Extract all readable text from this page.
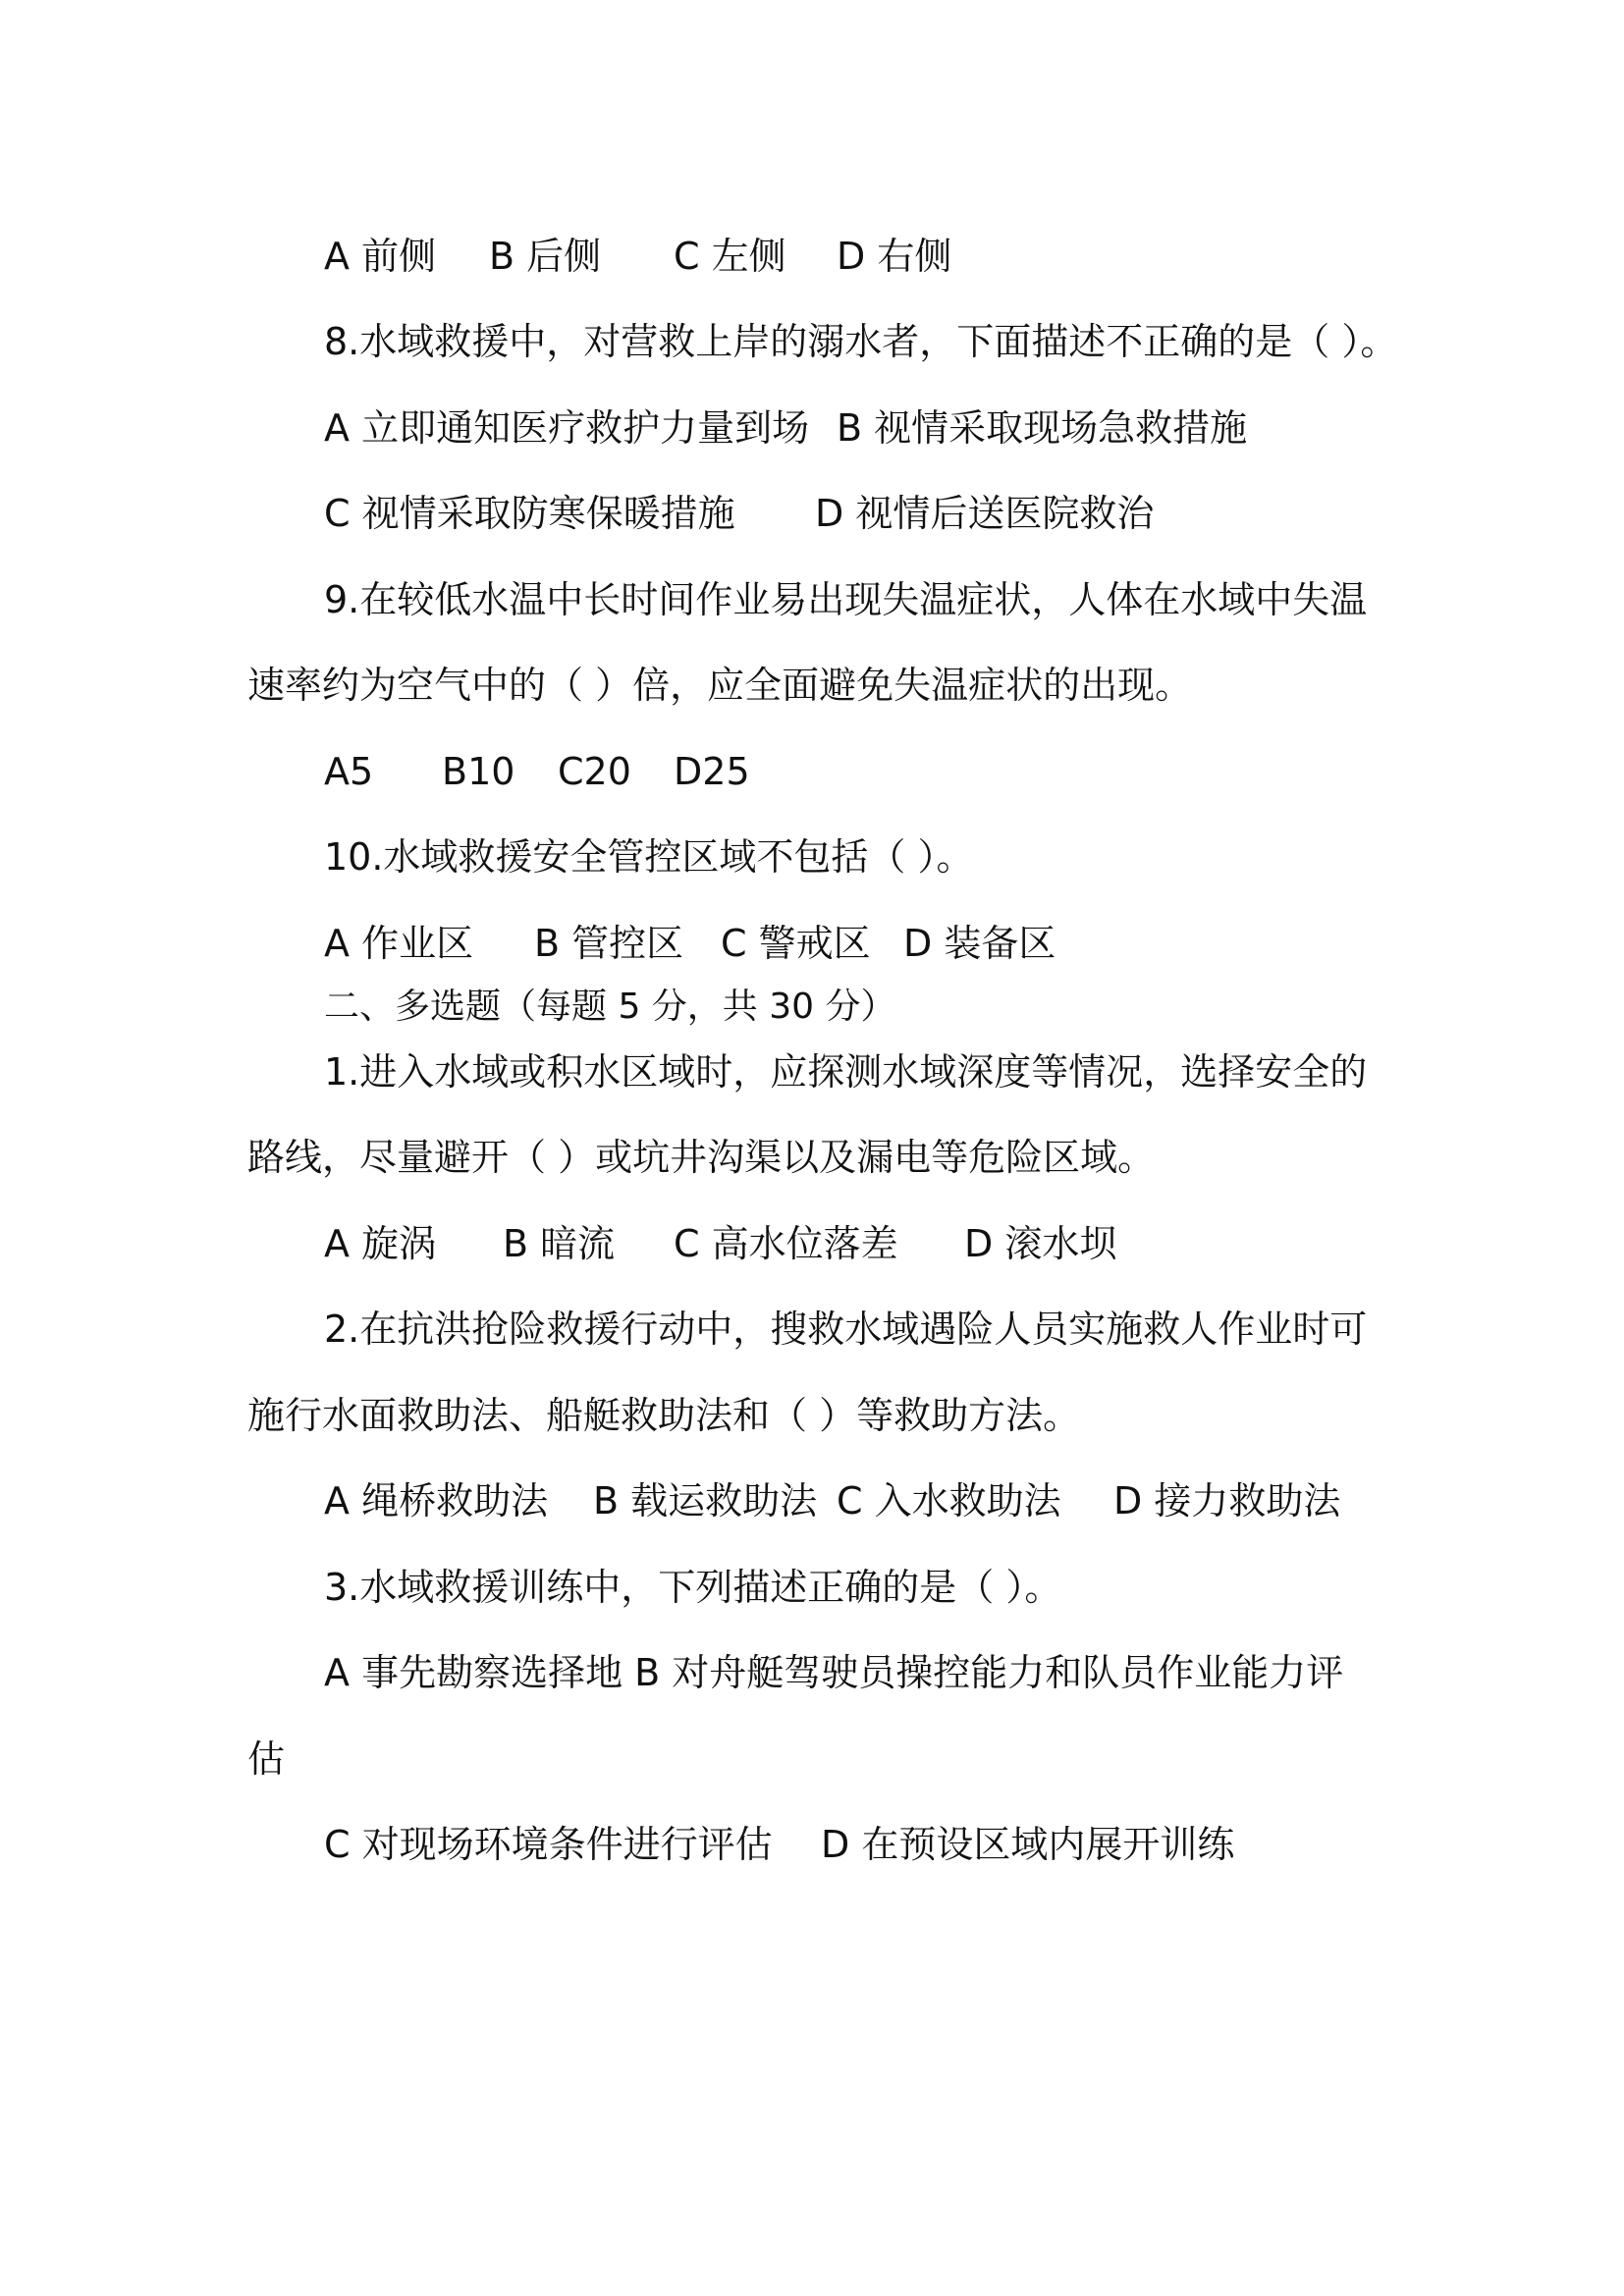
A 前侧 B 后侧 C 左侧 D 右侧
8.水域救援中，对营救上岸的溺水者，下面描述不正确的是（ ）。
A 立即通知医疗救护力量到场 B 视情采取现场急救措施
C 视情采取防寒保暖措施 D 视情后送医院救治
9.在较低水温中长时间作业易出现失温症状，人体在水域中失温
速率约为空气中的（ ）倍，应全面避免失温症状的出现。
A5 B10 C20 D25
10.水域救援安全管控区域不包括（ ）。
A 作业区 B 管控区 C 警戒区 D 装备区
二、多选题（每题 5 分，共 30 分）
1.进入水域或积水区域时，应探测水域深度等情况，选择安全的
路线，尽量避开（ ）或坑井沟渠以及漏电等危险区域。
A 旋涡 B 暗流 C 高水位落差 D 滚水坝
2.在抗洪抢险救援行动中，搜救水域遇险人员实施救人作业时可
施行水面救助法、船艇救助法和（ ）等救助方法。
A 绳桥救助法 B 载运救助法 C 入水救助法 D 接力救助法
3.水域救援训练中，下列描述正确的是（ ）。
A 事先勘察选择地 B 对舟艇驾驶员操控能力和队员作业能力评
估
C 对现场环境条件进行评估 D 在预设区域内展开训练
